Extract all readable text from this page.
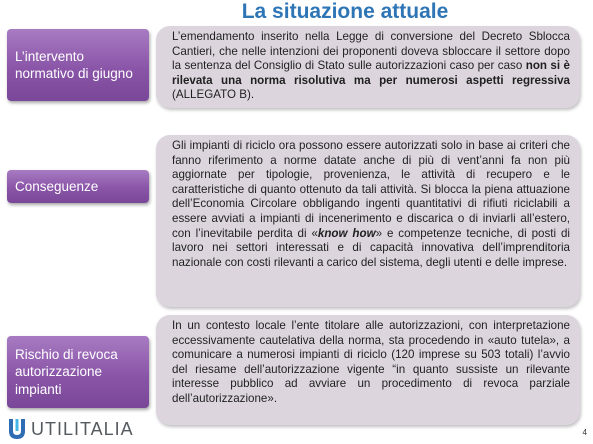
La situazione attuale
L’intervento normativo di giugno

L’emendamento inserito nella Legge di conversione del Decreto Sblocca Cantieri, che nelle intenzioni dei proponenti doveva sbloccare il settore dopo la sentenza del Consiglio di Stato sulle autorizzazioni caso per caso non si è rilevata una norma risolutiva ma per numerosi aspetti regressiva (ALLEGATO B).

Conseguenze

Gli impianti di riciclo ora possono essere autorizzati solo in base ai criteri che fanno riferimento a norme datate anche di più di vent’anni fa non più aggiornate per tipologie, provenienza, le attività di recupero e le caratteristiche di quanto ottenuto da tali attività. Si blocca la piena attuazione dell’Economia Circolare obbligando ingenti quantitativi di rifiuti riciclabili a essere avviati a impianti di incenerimento e discarica o di inviarli all’estero, con l’inevitabile perdita di «know how» e competenze tecniche, di posti di lavoro nei settori interessati e di capacità innovativa dell’imprenditoria nazionale con costi rilevanti a carico del sistema, degli utenti e delle imprese.

Rischio di revoca autorizzazione impianti

In un contesto locale l’ente titolare alle autorizzazioni, con interpretazione eccessivamente cautelativa della norma, sta procedendo in «auto tutela», a comunicare a numerosi impianti di riciclo (120 imprese su 503 totali) l’avvio del riesame dell’autorizzazione vigente “in quanto sussiste un rilevante interesse pubblico ad avviare un procedimento di revoca parziale dell’autorizzazione».

UTILITALIA	4
